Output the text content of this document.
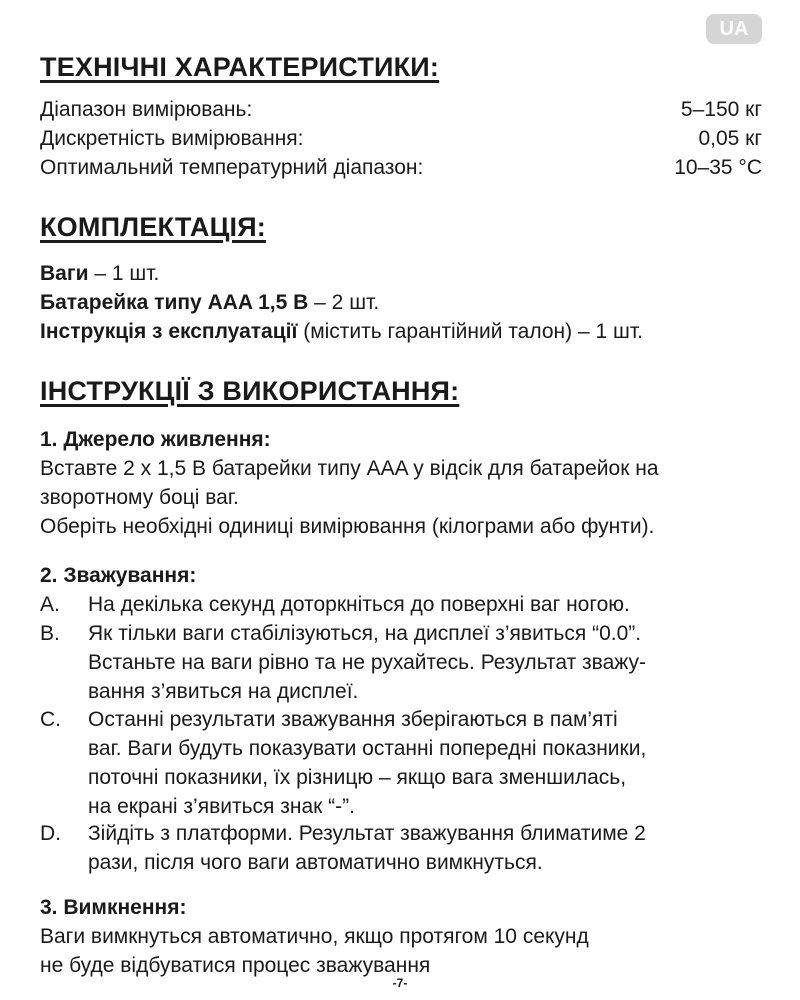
UA
ТЕХНІЧНІ ХАРАКТЕРИСТИКИ:
Діапазон вимірювань:	5–150 кг
Дискретність вимірювання:	0,05 кг
Оптимальний температурний діапазон:	10–35 °C
КОМПЛЕКТАЦІЯ:
Ваги – 1 шт.
Батарейка типу AAA 1,5 В – 2 шт.
Інструкція з експлуатації (містить гарантійний талон) – 1 шт.
ІНСТРУКЦІЇ З ВИКОРИСТАННЯ:
1. Джерело живлення:
Вставте 2 x 1,5 В батарейки типу AAA у відсік для батарейок на
зворотному боці ваг.
Оберіть необхідні одиниці вимірювання (кілограми або фунти).
2. Зважування:
A. На декілька секунд доторкніться до поверхні ваг ногою.
B. Як тільки ваги стабілізуються, на дисплеї з’явиться “0.0”.
Встаньте на ваги рівно та не рухайтесь. Результат зважу-
вання з’явиться на дисплеї.
C. Останні результати зважування зберігаються в пам’яті
ваг. Ваги будуть показувати останні попередні показники,
поточні показники, їх різницю – якщо вага зменшилась,
на екрані з’явиться знак “-”.
D. Зійдіть з платформи. Результат зважування блиматиме 2
рази, після чого ваги автоматично вимкнуться.
3. Вимкнення:
Ваги вимкнуться автоматично, якщо протягом 10 секунд
не буде відбуватися процес зважування
-7-
